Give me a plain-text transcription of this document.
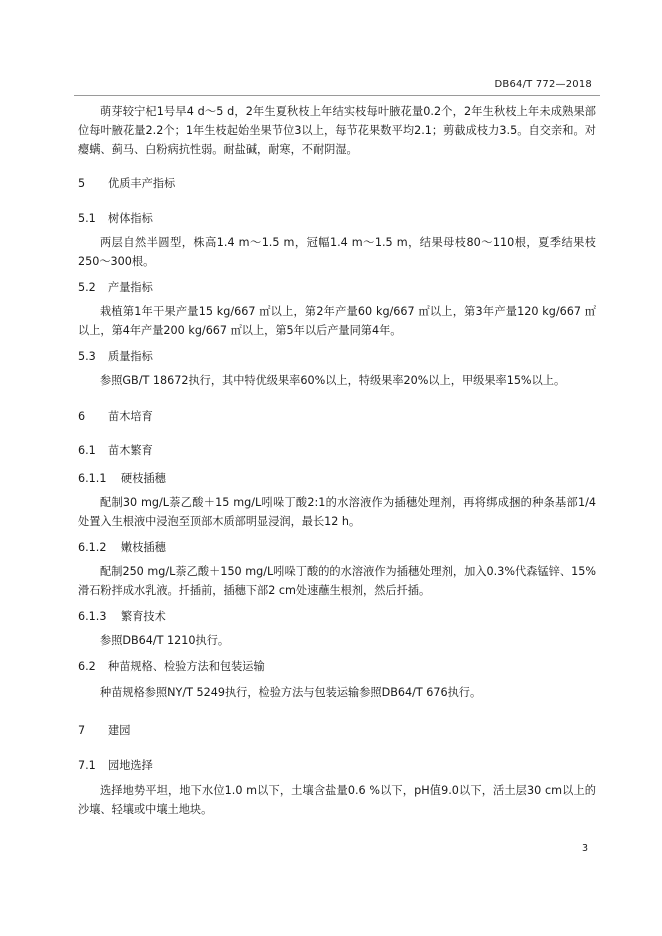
DB64/T 772—2018
萌芽较宁杞1号早4 d～5 d，2年生夏秋枝上年结实枝每叶腋花量0.2个，2年生秋枝上年未成熟果部位每叶腋花量2.2个；1年生枝起始坐果节位3以上，每节花果数平均2.1；剪截成枝力3.5。自交亲和。对瘿螨、蓟马、白粉病抗性弱。耐盐碱，耐寒，不耐阴湿。
5 优质丰产指标
5.1 树体指标
两层自然半圆型，株高1.4 m～1.5 m，冠幅1.4 m～1.5 m，结果母枝80～110根，夏季结果枝250～300根。
5.2 产量指标
栽植第1年干果产量15 kg/667 ㎡以上，第2年产量60 kg/667 ㎡以上，第3年产量120 kg/667 ㎡以上，第4年产量200 kg/667 ㎡以上，第5年以后产量同第4年。
5.3 质量指标
参照GB/T 18672执行，其中特优级果率60%以上，特级果率20%以上，甲级果率15%以上。
6 苗木培育
6.1 苗木繁育
6.1.1 硬枝插穗
配制30 mg/L萘乙酸＋15 mg/L吲哚丁酸2:1的水溶液作为插穗处理剂，再将绑成捆的种条基部1/4处置入生根液中浸泡至顶部木质部明显浸润，最长12 h。
6.1.2 嫩枝插穗
配制250 mg/L萘乙酸＋150 mg/L吲哚丁酸的的水溶液作为插穗处理剂，加入0.3%代森锰锌、15%滑石粉拌成水乳液。扦插前，插穗下部2 cm处速蘸生根剂，然后扦插。
6.1.3 繁育技术
参照DB64/T 1210执行。
6.2 种苗规格、检验方法和包装运输
种苗规格参照NY/T 5249执行，检验方法与包装运输参照DB64/T 676执行。
7 建园
7.1 园地选择
选择地势平坦，地下水位1.0 m以下，土壤含盐量0.6 %以下，pH值9.0以下，活土层30 cm以上的沙壤、轻壤或中壤土地块。
3
